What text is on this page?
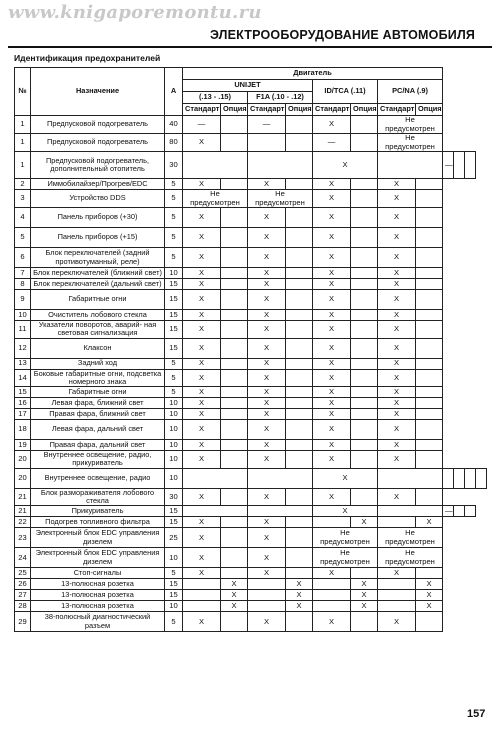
www.knigaporemontu.ru
ЭЛЕКТРООБОРУДОВАНИЕ АВТОМОБИЛЯ
Идентификация предохранителей
№	Назначение	A	Двигатель											
			UNIJET				ID/TCA (.11)		PC/NA (.9)					
			(.13 - .15)		F1A (.10 - .12)									
			Стандарт	Опция	Стандарт	Опция	Стандарт	Опция	Стандарт	Опция				
1	Предпусковой подогреватель	40	—		—		X		Не предусмотрен					
1	Предпусковой подогреватель	80	X				—		Не предусмотрен					
1	Предпусковой подогреватель, дополнительный отопитель	30					X				—			
2	Иммобилайзер/Прогрев/EDC	5	X		X		X		X					
3	Устройство DDS	5	Не предусмотрен		Не предусмотрен		X		X					
4	Панель приборов (+30)	5	X		X		X		X					
5	Панель приборов (+15)	5	X		X		X		X					
6	Блок переключателей (задний противотуманный, реле)	5	X		X		X		X					
7	Блок переключателей (ближний свет)	10	X		X		X		X					
8	Блок переключателей (дальний свет)	15	X		X		X		X					
9	Габаритные огни	15	X		X		X		X					
10	Очиститель лобового стекла	15	X		X		X		X					
11	Указатели поворотов, аварий- ная световая сигнализация	15	X		X		X		X					
12	Клаксон	15	X		X		X		X					
13	Задний ход	5	X		X		X		X					
14	Боковые габаритные огни, подсветка номерного знака	5	X		X		X		X					
15	Габаритные огни	5	X		X		X		X					
16	Левая фара, ближний свет	10	X		X		X		X					
17	Правая фара, ближний свет	10	X		X		X		X					
18	Левая фара, дальний свет	10	X		X		X		X					
19	Правая фара, дальний свет	10	X		X		X		X					
20	Внутреннее освещение, радио, прикуриватель	10	X		X		X		X					
20	Внутреннее освещение, радио	10					X							
21	Блок размораживателя лобового стекла	30	X		X		X		X					
21	Прикуриватель	15					X				—			
22	Подогрев топливного фильтра	15	X		X			X		X				
23	Электронный блок EDC управления дизелем	25	X		X		Не предусмотрен		Не предусмотрен					
24	Электронный блок EDC управления дизелем	10	X		X		Не предусмотрен		Не предусмотрен					
25	Стоп-сигналы	5	X		X		X		X					
26	13-полюсная розетка	15		X		X		X		X				
27	13-полюсная розетка	15		X		X		X		X				
28	13-полюсная розетка	10		X		X		X		X				
29	38-полюсный диагностический разъем	5	X		X		X		X					
157
